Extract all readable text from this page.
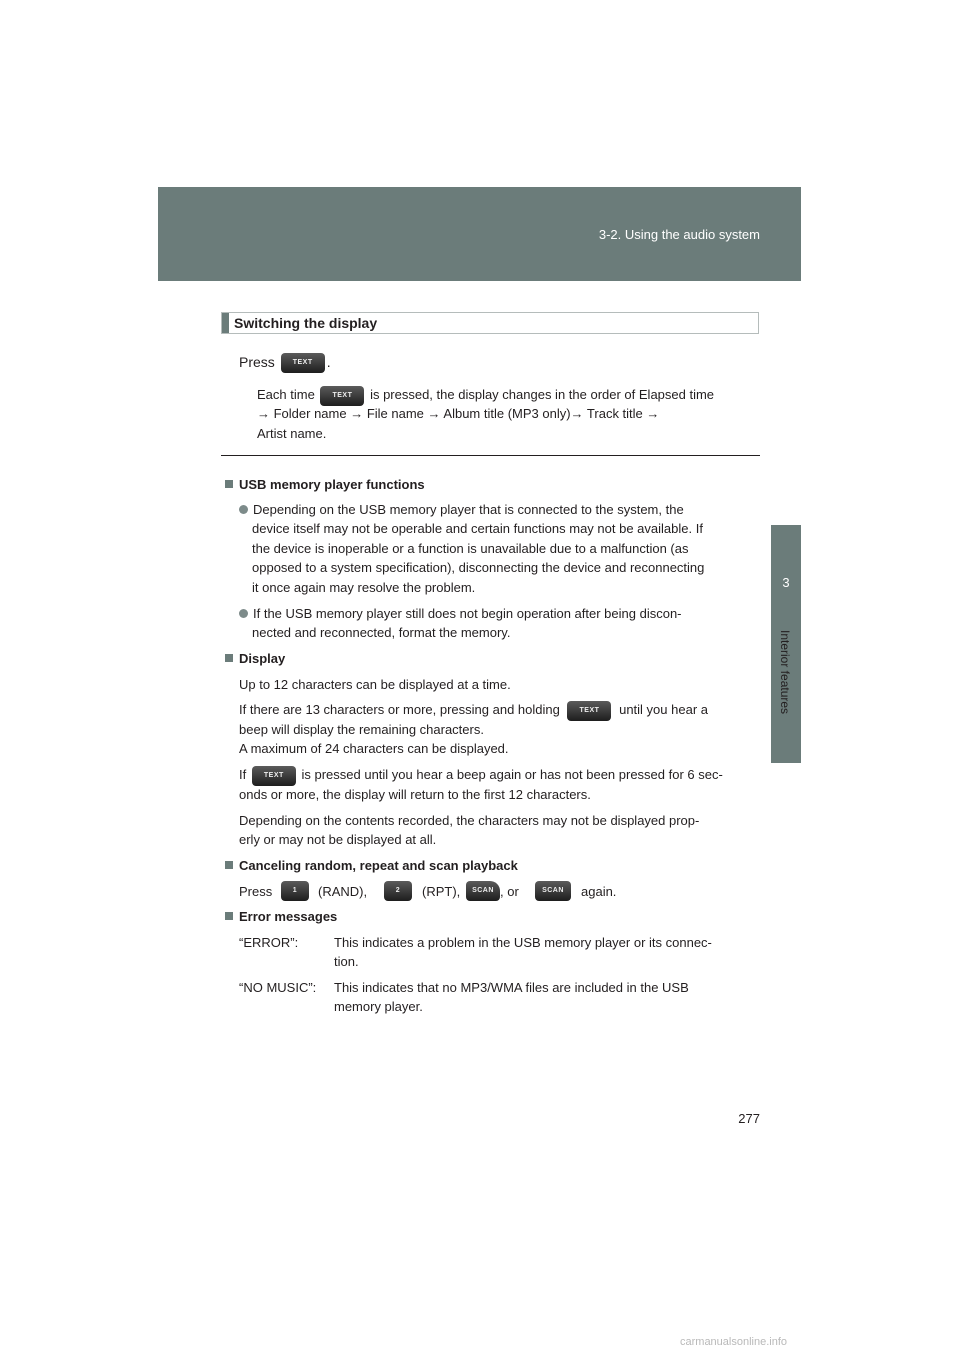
3-2. Using the audio system
3
Interior features
Switching the display
Press	TEXT .
Each time	TEXT is pressed, the display changes in the order of Elapsed time
→ Folder name → File name → Album title (MP3 only)→ Track title →
Artist name.
USB memory player functions
Depending on the USB memory player that is connected to the system, the
device itself may not be operable and certain functions may not be available. If
the device is inoperable or a function is unavailable due to a malfunction (as
opposed to a system specification), disconnecting the device and reconnecting
it once again may resolve the problem.
If the USB memory player still does not begin operation after being discon-
nected and reconnected, format the memory.
Display
Up to 12 characters can be displayed at a time.
If there are 13 characters or more, pressing and holding	TEXT until you hear a
beep will display the remaining characters.
A maximum of 24 characters can be displayed.
If	TEXT is pressed until you hear a beep again or has not been pressed for 6 sec-
onds or more, the display will return to the first 12 characters.
Depending on the contents recorded, the characters may not be displayed prop-
erly or may not be displayed at all.
Canceling random, repeat and scan playback
Press	1	(RAND),	2	(RPT),	SCAN , or	SCAN	again.
Error messages
“ERROR”:	This indicates a problem in the USB memory player or its connec-
tion.
“NO MUSIC”: This indicates that no MP3/WMA files are included in the USB
memory player.
277
carmanualsonline.info
